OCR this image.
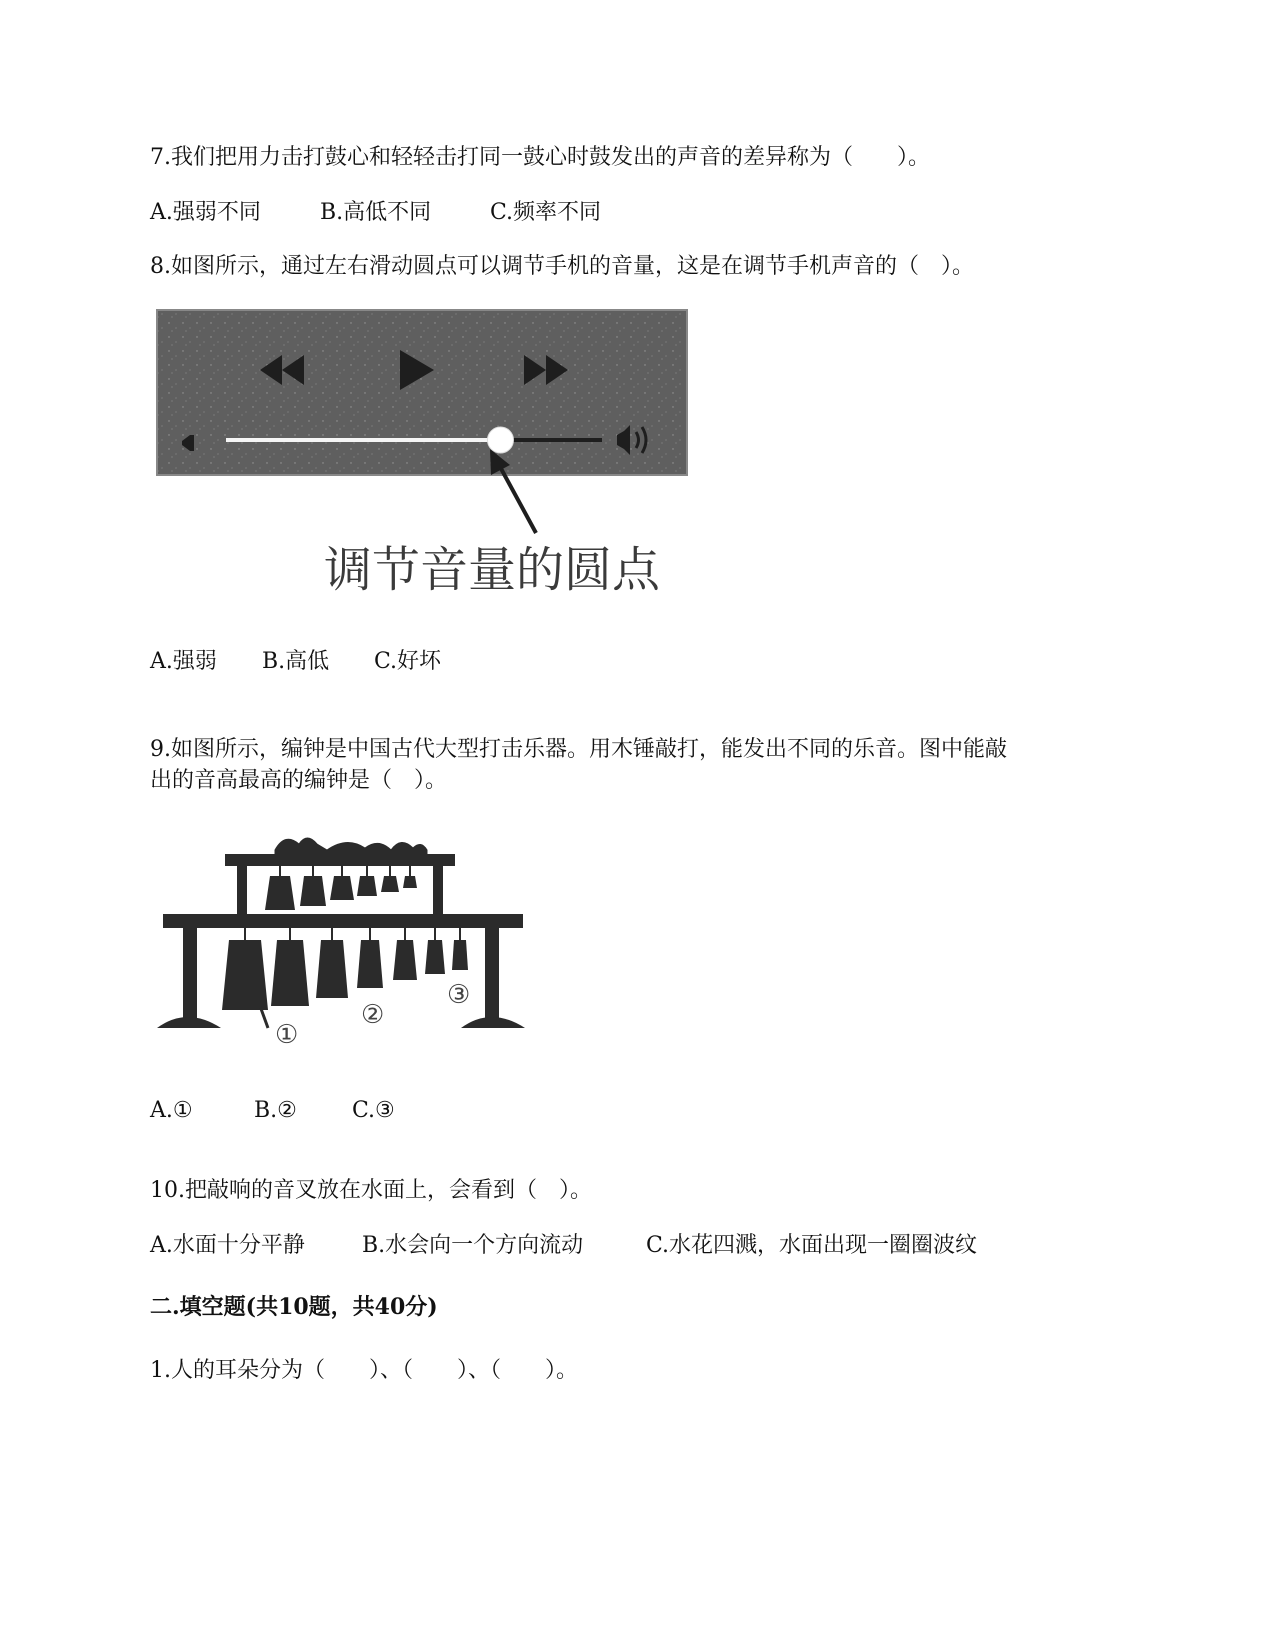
7.我们把用力击打鼓心和轻轻击打同一鼓心时鼓发出的声音的差异称为（　　）。
A.强弱不同	B.高低不同	C.频率不同
8.如图所示，通过左右滑动圆点可以调节手机的音量，这是在调节手机声音的（　）。
调节音量的圆点
A.强弱 B.高低 C.好坏
9.如图所示，编钟是中国古代大型打击乐器。用木锤敲打，能发出不同的乐音。图中能敲
出的音高最高的编钟是（　）。
①
②
③
A.①	B.②	C.③
10.把敲响的音叉放在水面上，会看到（　）。
A.水面十分平静	B.水会向一个方向流动	C.水花四溅，水面出现一圈圈波纹
二.填空题(共10题，共40分)
1.人的耳朵分为（　　）、（　　）、（　　）。
